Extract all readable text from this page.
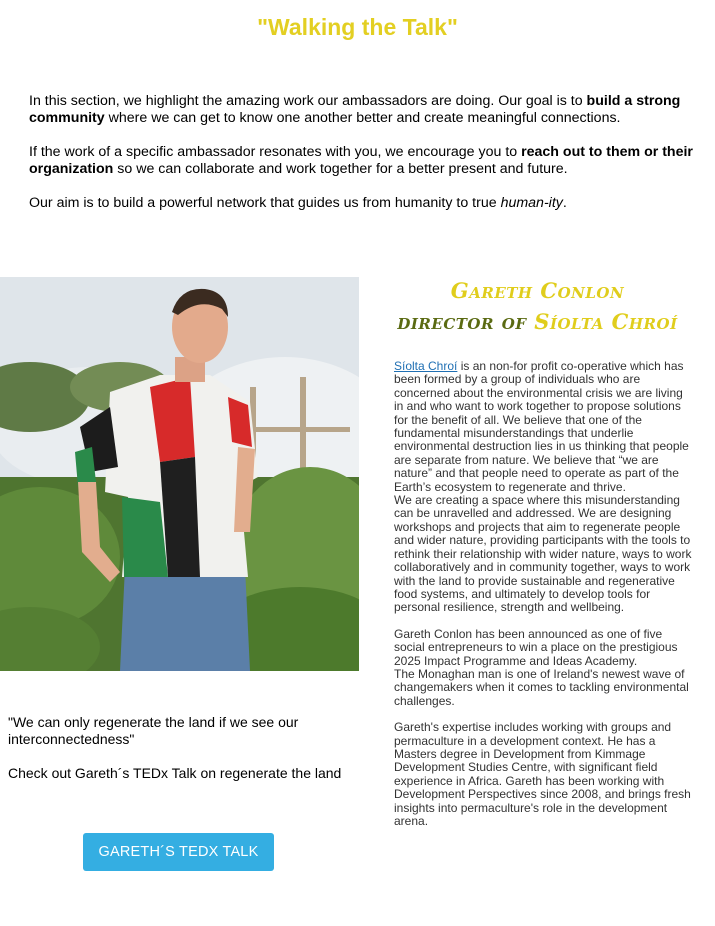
"Walking the Talk"

In this section, we highlight the amazing work our ambassadors are doing. Our goal is to build a strong community where we can get to know one another better and create meaningful connections.

If the work of a specific ambassador resonates with you, we encourage you to reach out to them or their organization so we can collaborate and work together for a better present and future.

Our aim is to build a powerful network that guides us from humanity to true human-ity.

"We can only regenerate the land if we see our interconnectedness"

Check out Gareth´s TEDx Talk on regenerate the land

GARETH´S TEDX TALK
Gareth Conlon
director of Síolta Chroí

Síolta Chroí is an non-for profit co-operative which has been formed by a group of individuals who are concerned about the environmental crisis we are living in and who want to work together to propose solutions for the benefit of all. We believe that one of the fundamental misunderstandings that underlie environmental destruction lies in us thinking that people are separate from nature. We believe that “we are nature” and that people need to operate as part of the Earth’s ecosystem to regenerate and thrive.

We are creating a space where this misunderstanding can be unravelled and addressed. We are designing workshops and projects that aim to regenerate people and wider nature, providing participants with the tools to rethink their relationship with wider nature, ways to work collaboratively and in community together, ways to work with the land to provide sustainable and regenerative food systems, and ultimately to develop tools for personal resilience, strength and wellbeing.

Gareth Conlon has been announced as one of five social entrepreneurs to win a place on the prestigious 2025 Impact Programme and Ideas Academy.

The Monaghan man is one of Ireland's newest wave of changemakers when it comes to tackling environmental challenges.

Gareth's expertise includes working with groups and permaculture in a development context. He has a Masters degree in Development from Kimmage Development Studies Centre, with significant field experience in Africa. Gareth has been working with Development Perspectives since 2008, and brings fresh insights into permaculture's role in the development arena.
